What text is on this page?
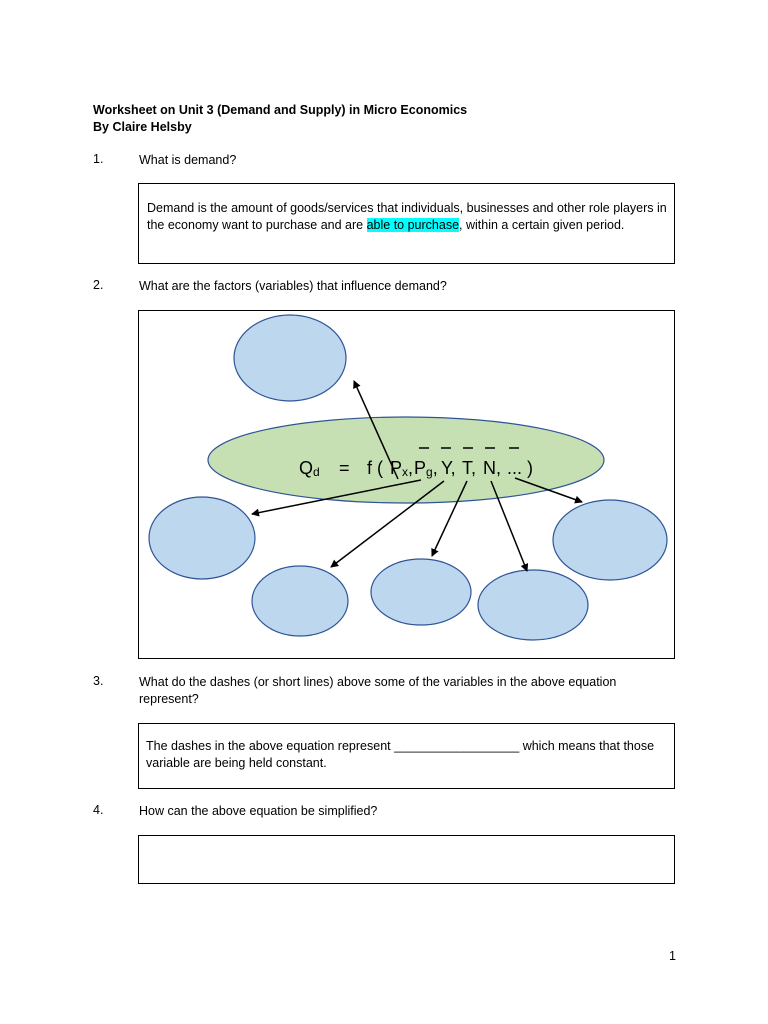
Worksheet on Unit 3 (Demand and Supply) in Micro Economics
By Claire Helsby
1.	What is demand?
Demand is the amount of goods/services that individuals, businesses and other role players in the economy want to purchase and are able to purchase, within a certain given period.
2.	What are the factors (variables) that influence demand?
Qd = f ( Px, Pg, Y, T, N, ... )
3.	What do the dashes (or short lines) above some of the variables in the above equation represent?
The dashes in the above equation represent __________________ which means that those variable are being held constant.
4.	How can the above equation be simplified?
1
